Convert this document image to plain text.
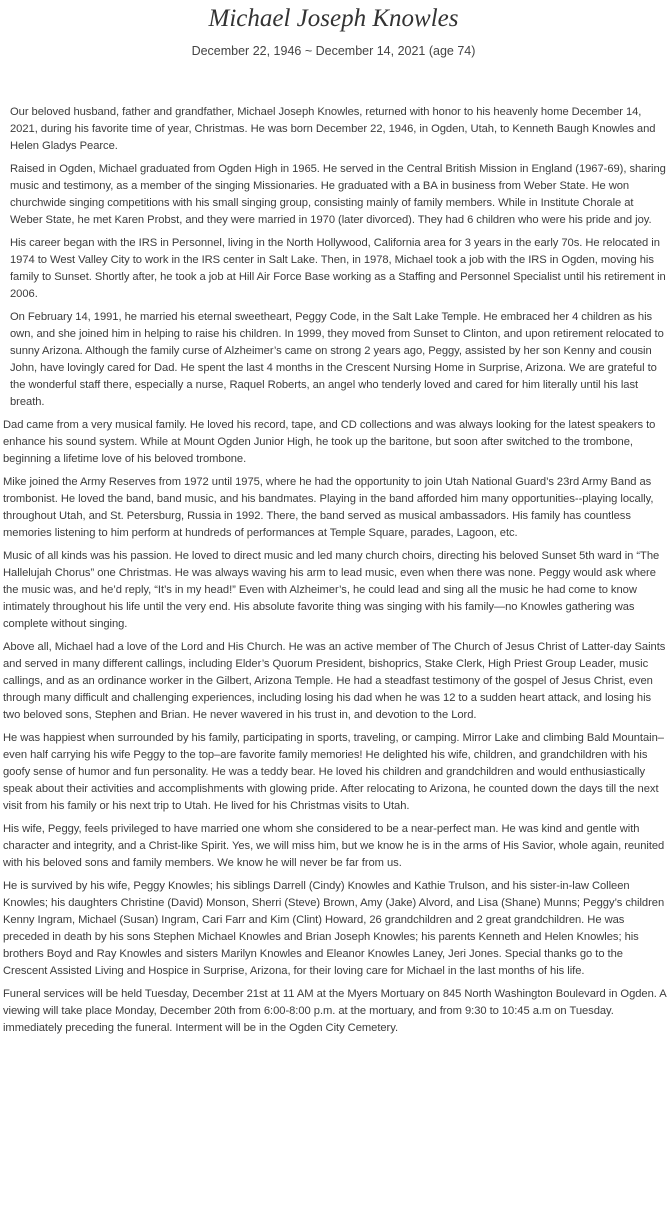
Michael Joseph Knowles
December 22, 1946 ~ December 14, 2021 (age 74)

Our beloved husband, father and grandfather, Michael Joseph Knowles, returned with honor to his heavenly home December 14, 2021, during his favorite time of year, Christmas. He was born December 22, 1946, in Ogden, Utah, to Kenneth Baugh Knowles and Helen Gladys Pearce.

Raised in Ogden, Michael graduated from Ogden High in 1965. He served in the Central British Mission in England (1967-69), sharing music and testimony, as a member of the singing Missionaries. He graduated with a BA in business from Weber State. He won churchwide singing competitions with his small singing group, consisting mainly of family members. While in Institute Chorale at Weber State, he met Karen Probst, and they were married in 1970 (later divorced). They had 6 children who were his pride and joy.

His career began with the IRS in Personnel, living in the North Hollywood, California area for 3 years in the early 70s. He relocated in 1974 to West Valley City to work in the IRS center in Salt Lake. Then, in 1978, Michael took a job with the IRS in Ogden, moving his family to Sunset. Shortly after, he took a job at Hill Air Force Base working as a Staffing and Personnel Specialist until his retirement in 2006.

On February 14, 1991, he married his eternal sweetheart, Peggy Code, in the Salt Lake Temple. He embraced her 4 children as his own, and she joined him in helping to raise his children. In 1999, they moved from Sunset to Clinton, and upon retirement relocated to sunny Arizona. Although the family curse of Alzheimer’s came on strong 2 years ago, Peggy, assisted by her son Kenny and cousin John, have lovingly cared for Dad. He spent the last 4 months in the Crescent Nursing Home in Surprise, Arizona. We are grateful to the wonderful staff there, especially a nurse, Raquel Roberts, an angel who tenderly loved and cared for him literally until his last breath.

Dad came from a very musical family. He loved his record, tape, and CD collections and was always looking for the latest speakers to enhance his sound system. While at Mount Ogden Junior High, he took up the baritone, but soon after switched to the trombone, beginning a lifetime love of his beloved trombone.

Mike joined the Army Reserves from 1972 until 1975, where he had the opportunity to join Utah National Guard’s 23rd Army Band as trombonist. He loved the band, band music, and his bandmates. Playing in the band afforded him many opportunities--playing locally, throughout Utah, and St. Petersburg, Russia in 1992. There, the band served as musical ambassadors. His family has countless memories listening to him perform at hundreds of performances at Temple Square, parades, Lagoon, etc.

Music of all kinds was his passion. He loved to direct music and led many church choirs, directing his beloved Sunset 5th ward in “The Hallelujah Chorus” one Christmas. He was always waving his arm to lead music, even when there was none. Peggy would ask where the music was, and he’d reply, “It’s in my head!” Even with Alzheimer’s, he could lead and sing all the music he had come to know intimately throughout his life until the very end. His absolute favorite thing was singing with his family—no Knowles gathering was complete without singing.

Above all, Michael had a love of the Lord and His Church. He was an active member of The Church of Jesus Christ of Latter-day Saints and served in many different callings, including Elder’s Quorum President, bishoprics, Stake Clerk, High Priest Group Leader, music callings, and as an ordinance worker in the Gilbert, Arizona Temple. He had a steadfast testimony of the gospel of Jesus Christ, even through many difficult and challenging experiences, including losing his dad when he was 12 to a sudden heart attack, and losing his two beloved sons, Stephen and Brian. He never wavered in his trust in, and devotion to the Lord.

He was happiest when surrounded by his family, participating in sports, traveling, or camping. Mirror Lake and climbing Bald Mountain–even half carrying his wife Peggy to the top–are favorite family memories! He delighted his wife, children, and grandchildren with his goofy sense of humor and fun personality. He was a teddy bear. He loved his children and grandchildren and would enthusiastically speak about their activities and accomplishments with glowing pride. After relocating to Arizona, he counted down the days till the next visit from his family or his next trip to Utah. He lived for his Christmas visits to Utah.

His wife, Peggy, feels privileged to have married one whom she considered to be a near-perfect man. He was kind and gentle with character and integrity, and a Christ-like Spirit. Yes, we will miss him, but we know he is in the arms of His Savior, whole again, reunited with his beloved sons and family members. We know he will never be far from us.

He is survived by his wife, Peggy Knowles; his siblings Darrell (Cindy) Knowles and Kathie Trulson, and his sister-in-law Colleen Knowles; his daughters Christine (David) Monson, Sherri (Steve) Brown, Amy (Jake) Alvord, and Lisa (Shane) Munns; Peggy’s children Kenny Ingram, Michael (Susan) Ingram, Cari Farr and Kim (Clint) Howard, 26 grandchildren and 2 great grandchildren. He was preceded in death by his sons Stephen Michael Knowles and Brian Joseph Knowles; his parents Kenneth and Helen Knowles; his brothers Boyd and Ray Knowles and sisters Marilyn Knowles and Eleanor Knowles Laney, Jeri Jones. Special thanks go to the Crescent Assisted Living and Hospice in Surprise, Arizona, for their loving care for Michael in the last months of his life.

Funeral services will be held Tuesday, December 21st at 11 AM at the Myers Mortuary on 845 North Washington Boulevard in Ogden. A viewing will take place Monday, December 20th from 6:00-8:00 p.m. at the mortuary, and from 9:30 to 10:45 a.m on Tuesday. immediately preceding the funeral. Interment will be in the Ogden City Cemetery.
